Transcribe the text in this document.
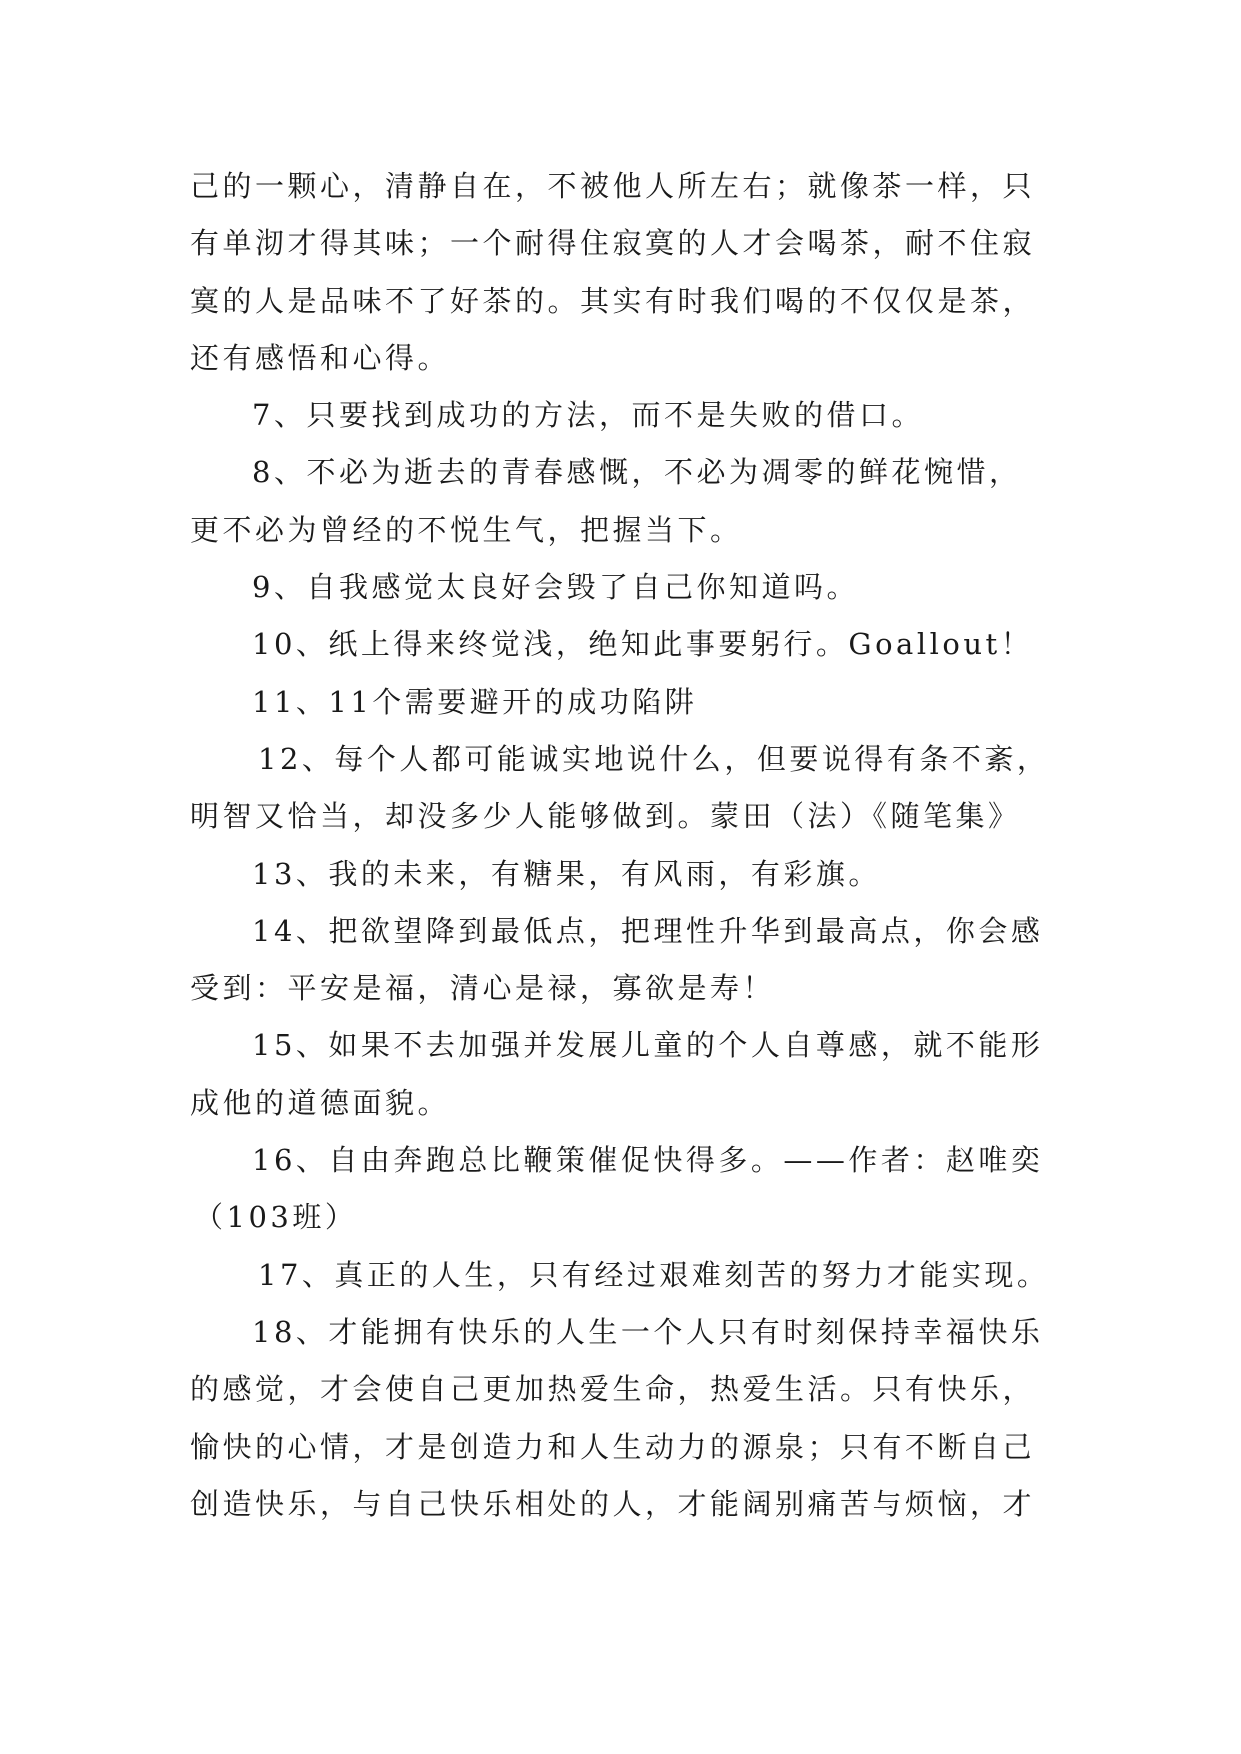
己的一颗心，清静自在，不被他人所左右；就像茶一样，只
有单沏才得其味；一个耐得住寂寞的人才会喝茶，耐不住寂
寞的人是品味不了好茶的。其实有时我们喝的不仅仅是茶，
还有感悟和心得。

7、只要找到成功的方法，而不是失败的借口。

8、不必为逝去的青春感慨，不必为凋零的鲜花惋惜，
更不必为曾经的不悦生气，把握当下。

9、自我感觉太良好会毁了自己你知道吗。

10、纸上得来终觉浅，绝知此事要躬行。Goallout！

11、11个需要避开的成功陷阱

12、每个人都可能诚实地说什么，但要说得有条不紊，
明智又恰当，却没多少人能够做到。蒙田（法）《随笔集》

13、我的未来，有糖果，有风雨，有彩旗。

14、把欲望降到最低点，把理性升华到最高点，你会感
受到：平安是福，清心是禄，寡欲是寿！

15、如果不去加强并发展儿童的个人自尊感，就不能形
成他的道德面貌。

16、自由奔跑总比鞭策催促快得多。——作者：赵唯奕
（103班）

17、真正的人生，只有经过艰难刻苦的努力才能实现。

18、才能拥有快乐的人生一个人只有时刻保持幸福快乐
的感觉，才会使自己更加热爱生命，热爱生活。只有快乐，
愉快的心情，才是创造力和人生动力的源泉；只有不断自己
创造快乐，与自己快乐相处的人，才能阔别痛苦与烦恼，才
